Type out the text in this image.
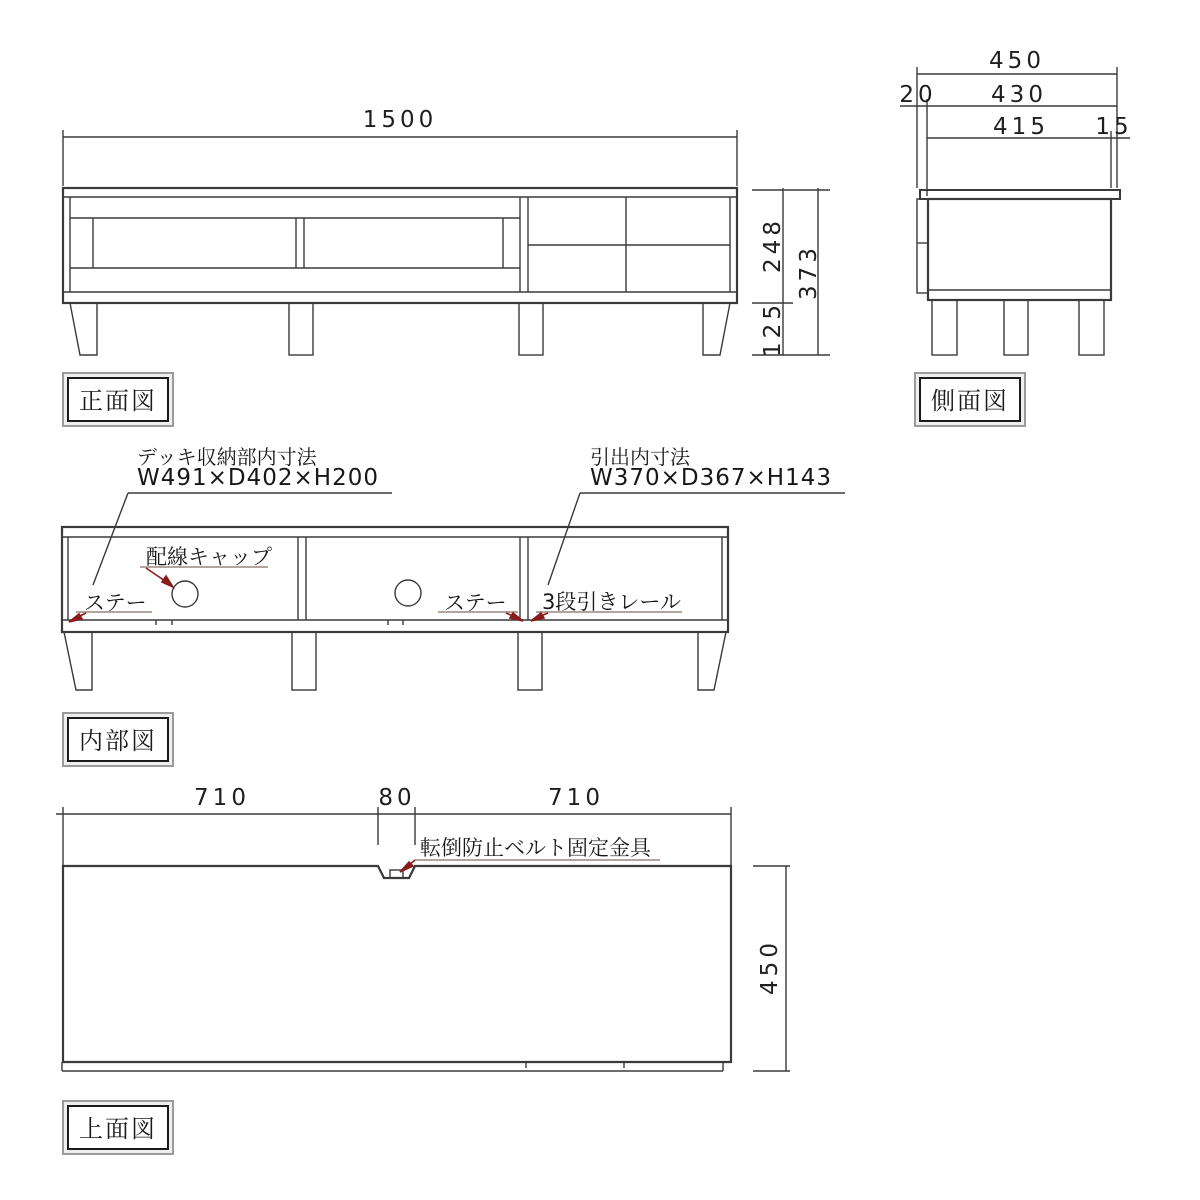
1500
248 373
125
正面図
450
20 430
415 15
側面図
デッキ収納部内寸法
W491×D402×H200
引出内寸法
W370×D367×H143
配線キャップ
ステー	ステー 3段引きレール
内部図
710	80	710
転倒防止ベルト固定金具
450
上面図
